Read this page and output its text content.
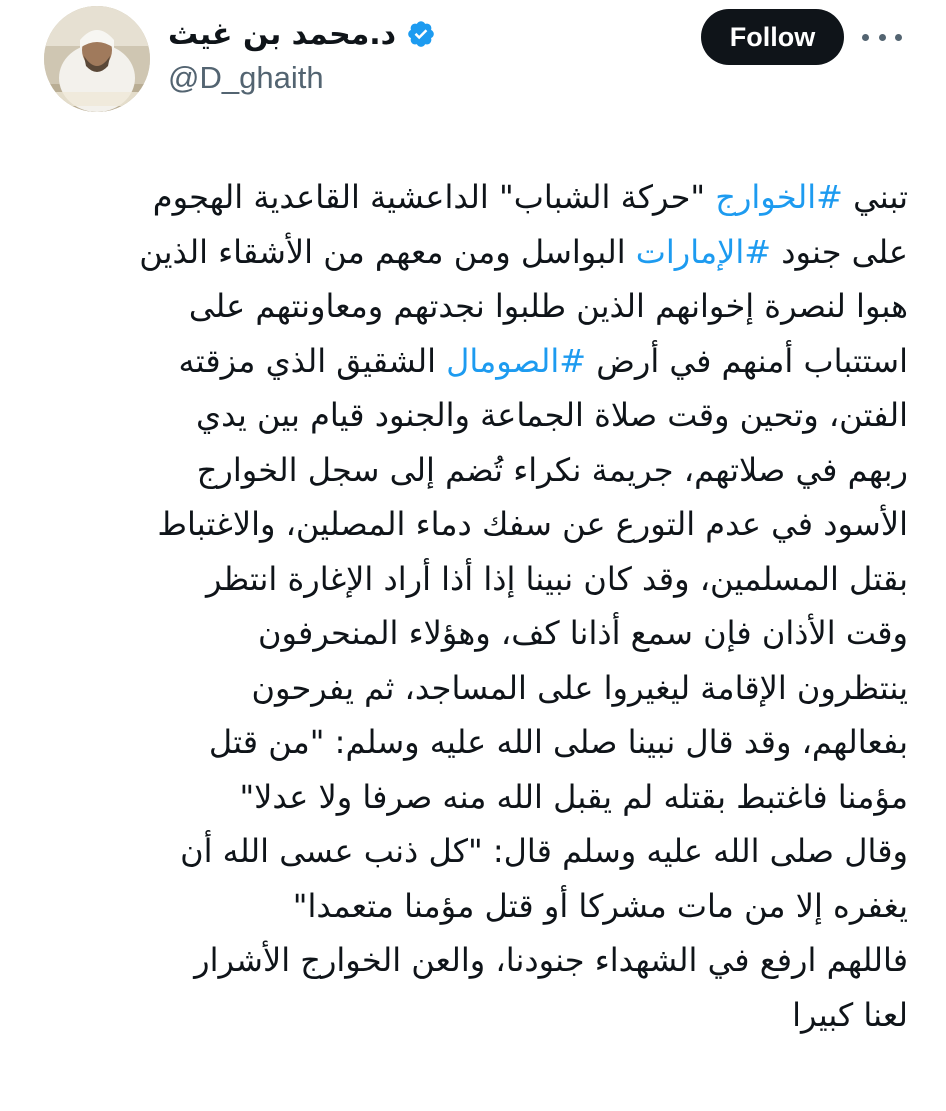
د.محمد بن غيث
@D_ghaith
Follow
تبني #الخوارج "حركة الشباب" الداعشية القاعدية الهجوم
على جنود #الإمارات البواسل ومن معهم من الأشقاء الذين
هبوا لنصرة إخوانهم الذين طلبوا نجدتهم ومعاونتهم على
استتباب أمنهم في أرض #الصومال الشقيق الذي مزقته
الفتن، وتحين وقت صلاة الجماعة والجنود قيام بين يدي
ربهم في صلاتهم، جريمة نكراء تُضم إلى سجل الخوارج
الأسود في عدم التورع عن سفك دماء المصلين، والاغتباط
بقتل المسلمين، وقد كان نبينا إذا أذا أراد الإغارة انتظر
وقت الأذان فإن سمع أذانا كف، وهؤلاء المنحرفون
ينتظرون الإقامة ليغيروا على المساجد، ثم يفرحون
بفعالهم، وقد قال نبينا صلى الله عليه وسلم: "من قتل
مؤمنا فاغتبط بقتله لم يقبل الله منه صرفا ولا عدلا"
وقال صلى الله عليه وسلم قال: "كل ذنب عسى الله أن
يغفره إلا من مات مشركا أو قتل مؤمنا متعمدا"
فاللهم ارفع في الشهداء جنودنا، والعن الخوارج الأشرار
لعنا كبيرا
